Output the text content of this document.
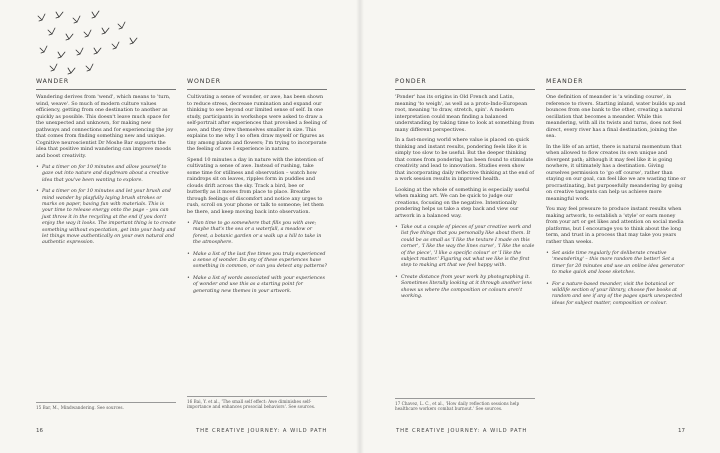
WANDER

Wandering derives from 'wend', which means to 'turn, wind, weave'. So much of modern culture values efficiency, getting from one destination to another as quickly as possible. This doesn't leave much space for the unexpected and unknown, for making new pathways and connections and for experiencing the joy that comes from finding something new and unique. Cognitive neuroscientist Dr Moshe Bar supports the idea that positive mind wandering can improve moods and boost creativity.

• Put a timer on for 10 minutes and allow yourself to gaze out into nature and daydream about a creative idea that you've been wanting to explore.
• Put a timer on for 10 minutes and let your brush and mind wander by playfully laying brush strokes or marks on paper, having fun with materials. This is your time to release energy onto the page – you can just throw it in the recycling at the end if you don't enjoy the way it looks. The important thing is to create something without expectation, get into your body and let things move authentically on your own natural and authentic expression.
WONDER

Cultivating a sense of wonder, or awe, has been shown to reduce stress, decrease rumination and expand our thinking to see beyond our limited sense of self. In one study, participants in workshops were asked to draw a self-portrait after experiences that provoked a feeling of awe, and they drew themselves smaller in size. This explains to me why I so often draw myself or figures as tiny among plants and flowers; I'm trying to incorporate the feeling of awe I experience in nature.

Spend 10 minutes a day in nature with the intention of cultivating a sense of awe. Instead of rushing, take some time for stillness and observation – watch how raindrops sit on leaves, ripples form in puddles and clouds drift across the sky. Track a bird, bee or butterfly as it moves from place to place. Breathe through feelings of discomfort and notice any urges to rush, scroll on your phone or talk to someone; let them be there, and keep moving back into observation.

• Plan time to go somewhere that fills you with awe; maybe that's the sea or a waterfall, a meadow or forest, a botanic garden or a walk up a hill to take in the atmosphere.
• Make a list of the last five times you truly experienced a sense of wonder. Do any of these experiences have something in common, or can you detect any patterns?
• Make a list of words associated with your experiences of wonder and use this as a starting point for generating new themes in your artwork.
15 Bar, M., Mindwandering. See sources.
16 Bai, Y. et al., 'The small self effect: Awe diminishes self-importance and enhances prosocial behaviors'. See sources.
16	THE CREATIVE JOURNEY: A WILD PATH
PONDER

'Ponder' has its origins in Old French and Latin, meaning 'to weigh', as well as a proto-Indo-European root, meaning 'to draw, stretch, spin'. A modern interpretation could mean finding a balanced understanding by taking time to look at something from many different perspectives.

In a fast-moving world where value is placed on quick thinking and instant results, pondering feels like it is simply too slow to be useful. But the deeper thinking that comes from pondering has been found to stimulate creativity and lead to innovation. Studies even show that incorporating daily reflective thinking at the end of a work session results in improved health.

Looking at the whole of something is especially useful when making art. We can be quick to judge our creations, focusing on the negative. Intentionally pondering helps us take a step back and view our artwork in a balanced way.

• Take out a couple of pieces of your creative work and list five things that you personally like about them. It could be as small as 'I like the texture I made on this corner', 'I like the way the lines curve', 'I like the scale of the piece', 'I like a specific colour' or 'I like the subject matter.' Figuring out what we like is the first step to making art that we feel happy with.
• Create distance from your work by photographing it. Sometimes literally looking at it through another lens shows us where the composition or colours aren't working.
MEANDER

One definition of meander is 'a winding course', in reference to rivers. Starting inland, water builds up and bounces from one bank to the other, creating a natural oscillation that becomes a meander. While this meandering, with all its twists and turns, does not feel direct, every river has a final destination, joining the sea.

In the life of an artist, there is natural momentum that when allowed to flow creates its own unique and divergent path; although it may feel like it is going nowhere, it ultimately has a destination. Giving ourselves permission to 'go off course', rather than staying on our goal, can feel like we are wasting time or procrastinating, but purposefully meandering by going on creative tangents can help us achieve more meaningful work.

You may feel pressure to produce instant results when making artwork, to establish a 'style' or earn money from your art or get likes and attention on social media platforms, but I encourage you to think about the long term, and trust in a process that may take you years rather than weeks.

• Set aside time regularly for deliberate creative 'meandering' – this more random the better! Set a timer for 20 minutes and use an online idea generator to make quick and loose sketches.
• For a nature-based meander, visit the botanical or wildlife section of your library, choose five books at random and see if any of the pages spark unexpected ideas for subject matter, composition or colour.
17 Chavez, L. C., et al., 'How daily reflection sessions help healthcare workers combat burnout.' See sources.
THE CREATIVE JOURNEY: A WILD PATH	17
